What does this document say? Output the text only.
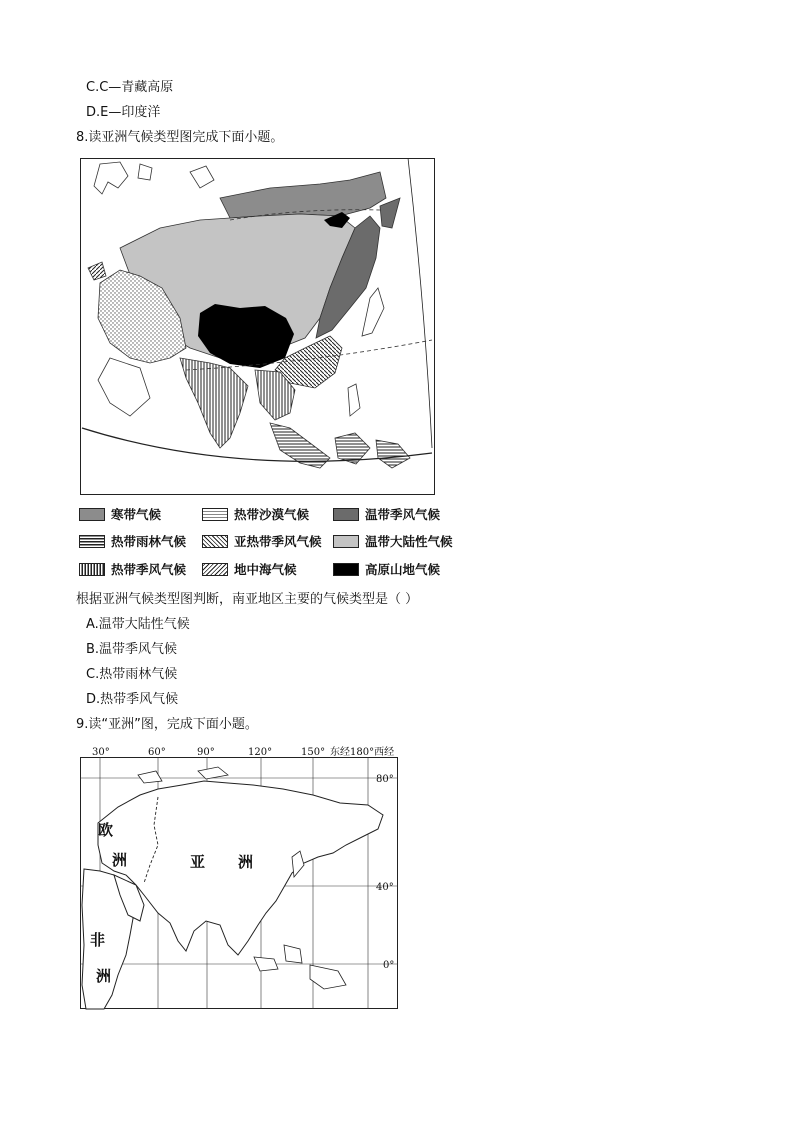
C.C—青藏高原
D.E—印度洋
8.读亚洲气候类型图完成下面小题。
寒带气候	热带沙漠气候	温带季风气候
热带雨林气候	亚热带季风气候	温带大陆性气候
热带季风气候	地中海气候	高原山地气候
根据亚洲气候类型图判断，南亚地区主要的气候类型是（ ）
A.温带大陆性气候
B.温带季风气候
C.热带雨林气候
D.热带季风气候
9.读“亚洲”图，完成下面小题。
30°	60°	90°	120°	150° 东经180°西经
80°
40°
0°
欧
洲	亚 洲
非
洲
